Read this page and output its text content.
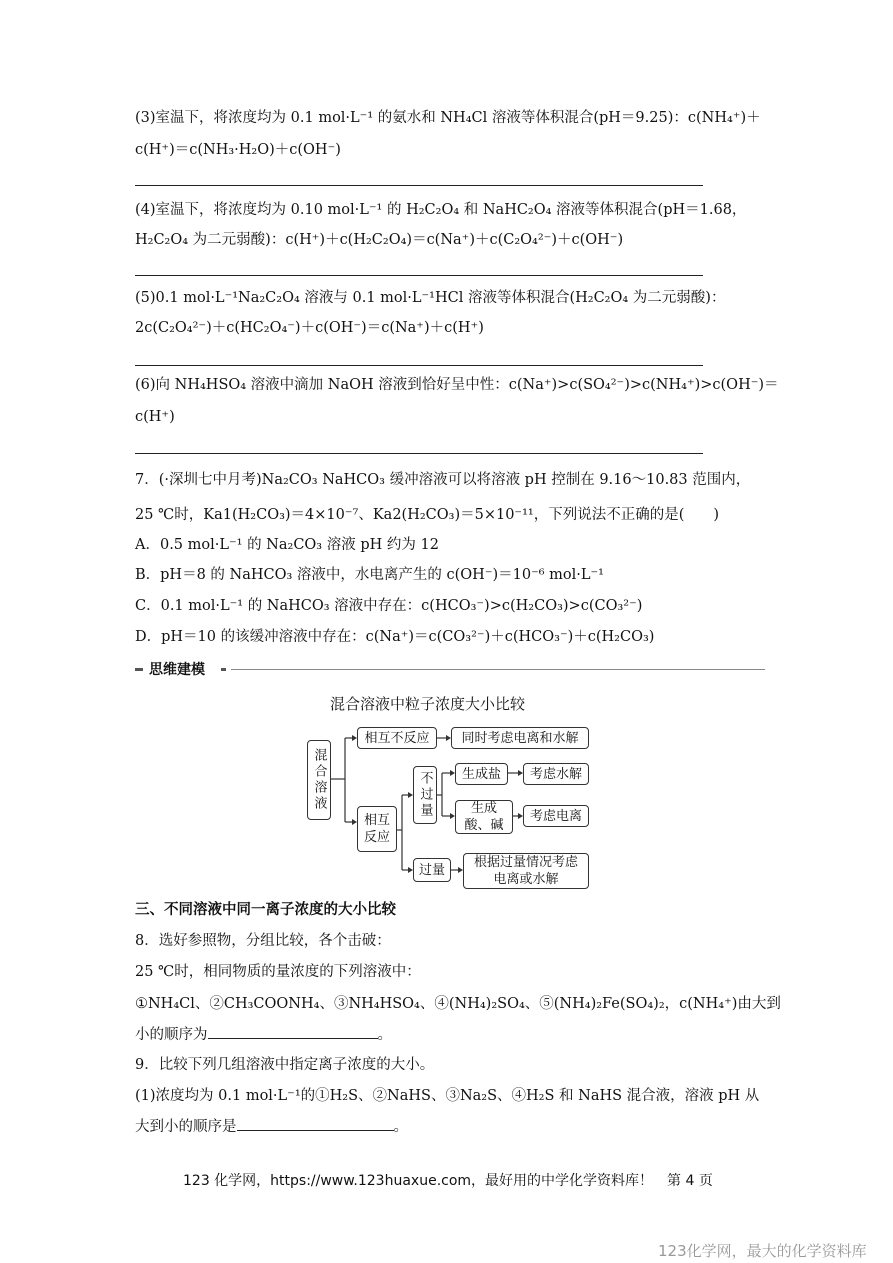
(3)室温下，将浓度均为 0.1 mol·L⁻¹ 的氨水和 NH₄Cl 溶液等体积混合(pH＝9.25)：c(NH₄⁺)＋
c(H⁺)＝c(NH₃·H₂O)＋c(OH⁻)
(4)室温下，将浓度均为 0.10 mol·L⁻¹ 的 H₂C₂O₄ 和 NaHC₂O₄ 溶液等体积混合(pH＝1.68，
H₂C₂O₄ 为二元弱酸)：c(H⁺)＋c(H₂C₂O₄)＝c(Na⁺)＋c(C₂O₄²⁻)＋c(OH⁻)
(5)0.1 mol·L⁻¹Na₂C₂O₄ 溶液与 0.1 mol·L⁻¹HCl 溶液等体积混合(H₂C₂O₄ 为二元弱酸)：
2c(C₂O₄²⁻)＋c(HC₂O₄⁻)＋c(OH⁻)＝c(Na⁺)＋c(H⁺)
(6)向 NH₄HSO₄ 溶液中滴加 NaOH 溶液到恰好呈中性：c(Na⁺)>c(SO₄²⁻)>c(NH₄⁺)>c(OH⁻)＝
c(H⁺)
7．(·深圳七中月考)Na₂CO₃ NaHCO₃ 缓冲溶液可以将溶液 pH 控制在 9.16～10.83 范围内，
25 ℃时，Ka1(H₂CO₃)＝4×10⁻⁷、Ka2(H₂CO₃)＝5×10⁻¹¹，下列说法不正确的是(　　)
A．0.5 mol·L⁻¹ 的 Na₂CO₃ 溶液 pH 约为 12
B．pH＝8 的 NaHCO₃ 溶液中，水电离产生的 c(OH⁻)＝10⁻⁶ mol·L⁻¹
C．0.1 mol·L⁻¹ 的 NaHCO₃ 溶液中存在：c(HCO₃⁻)>c(H₂CO₃)>c(CO₃²⁻)
D．pH＝10 的该缓冲溶液中存在：c(Na⁺)＝c(CO₃²⁻)＋c(HCO₃⁻)＋c(H₂CO₃)
思维建模
混合溶液中粒子浓度大小比较
混合溶液
相互不反应	同时考虑电离和水解
相互反应
不过量	生成盐	考虑水解
生成酸、碱
考虑电离
过量	根据过量情况考虑电离或水解
三、不同溶液中同一离子浓度的大小比较
8．选好参照物，分组比较，各个击破：
25 ℃时，相同物质的量浓度的下列溶液中：
①NH₄Cl、②CH₃COONH₄、③NH₄HSO₄、④(NH₄)₂SO₄、⑤(NH₄)₂Fe(SO₄)₂，c(NH₄⁺)由大到
小的顺序为	。
9．比较下列几组溶液中指定离子浓度的大小。
(1)浓度均为 0.1 mol·L⁻¹的①H₂S、②NaHS、③Na₂S、④H₂S 和 NaHS 混合液，溶液 pH 从
大到小的顺序是	。
123 化学网，https://www.123huaxue.com，最好用的中学化学资料库！　第 4 页
123化学网，最大的化学资料库
